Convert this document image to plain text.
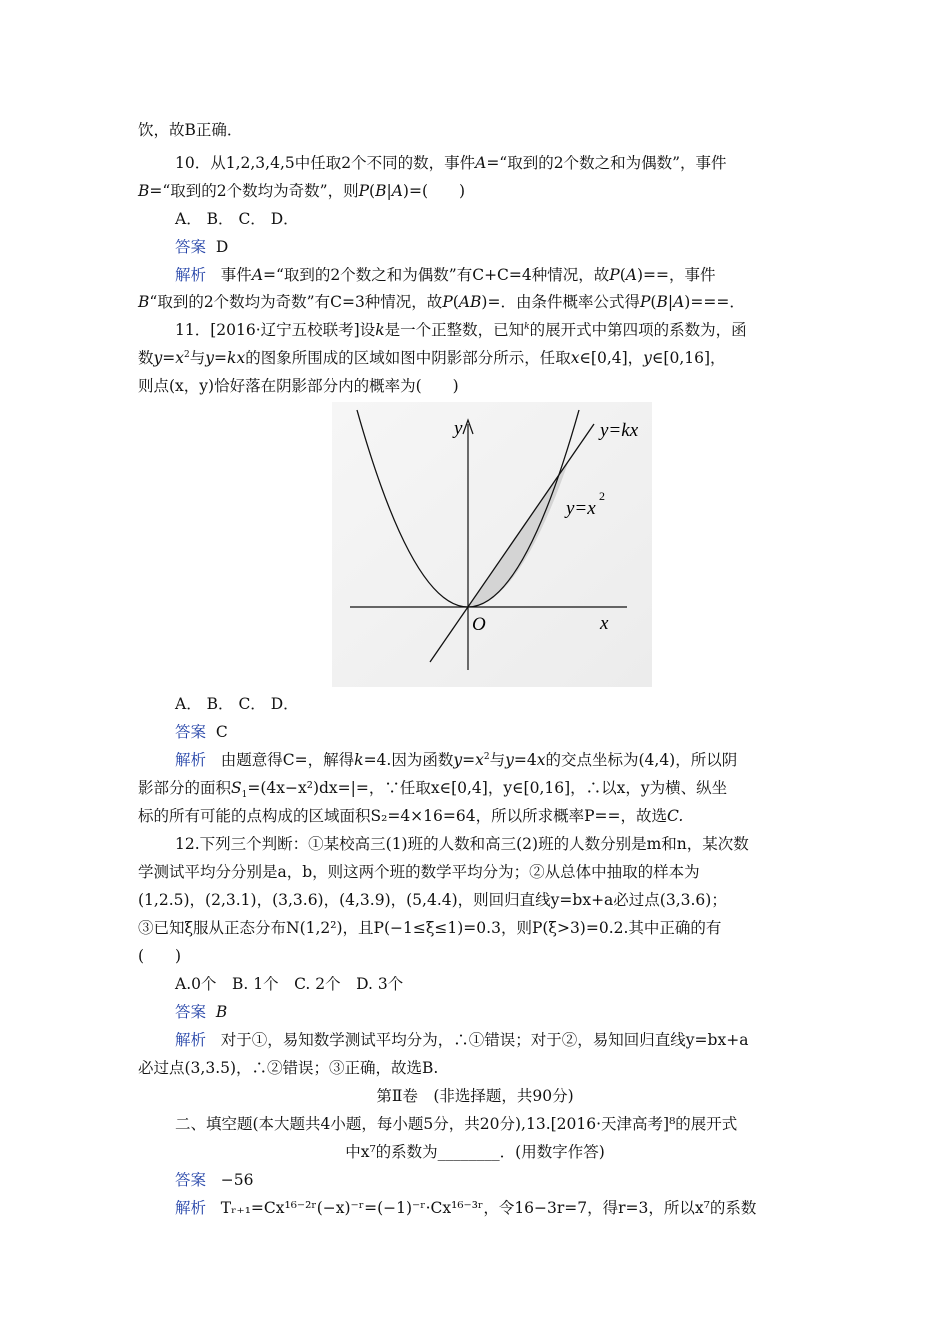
饮，故B正确．
10．从1,2,3,4,5中任取2个不同的数，事件A=“取到的2个数之和为偶数”，事件
B=“取到的2个数均为奇数”，则P(B|A)=(　　)
A． B． C． D．
答案 D
解析 事件A=“取到的2个数之和为偶数”有C+C=4种情况，故P(A)==，事件
B“取到的2个数均为奇数”有C=3种情况，故P(AB)=．由条件概率公式得P(B|A)===．
11．[2016·辽宁五校联考]设k是一个正整数，已知$^k$的展开式中第四项的系数为，函
数$y=x^2$与y=kx的图象所围成的区域如图中阴影部分所示，任取x∈[0,4]，y∈[0,16]，
则点(x，y)恰好落在阴影部分内的概率为(　　)
y
x
O
y=kx
y=x
2
A． B． C． D．
答案 C
解析 由题意得C=，解得k=4.因为函数$y=x^2$与y=4x的交点坐标为(4,4)，所以阴
影部分的面积$S_1=(4x-x^2)dx=|=$，∵任取x∈[0,4]，y∈[0,16]，∴以x，y为横、纵坐
标的所有可能的点构成的区域面积S₂=4×16=64，所以所求概率P==，故选C.
12.下列三个判断：①某校高三(1)班的人数和高三(2)班的人数分别是m和n，某次数
学测试平均分分别是a，b，则这两个班的数学平均分为；②从总体中抽取的样本为
(1,2.5)，(2,3.1)，(3,3.6)，(4,3.9)，(5,4.4)，则回归直线y=bx+a必过点(3,3.6)；
③已知ξ服从正态分布N(1,2²)，且P(−1≤ξ≤1)=0.3，则P(ξ>3)=0.2.其中正确的有
(　　)
A.0个　B. 1个　C. 2个　D. 3个
答案 B
解析 对于①，易知数学测试平均分为，∴①错误；对于②，易知回归直线y=bx+a
必过点(3,3.5)，∴②错误；③正确，故选B.
第Ⅱ卷　(非选择题，共90分)
二、填空题(本大题共4小题，每小题5分，共20分),13.[2016·天津高考]⁸的展开式
中x⁷的系数为________．(用数字作答)
答案 −56
解析 Tᵣ₊₁=Cx¹⁶⁻²ʳ(−x)⁻ʳ=(−1)⁻ʳ·Cx¹⁶⁻³ʳ，令16−3r=7，得r=3，所以x⁷的系数
